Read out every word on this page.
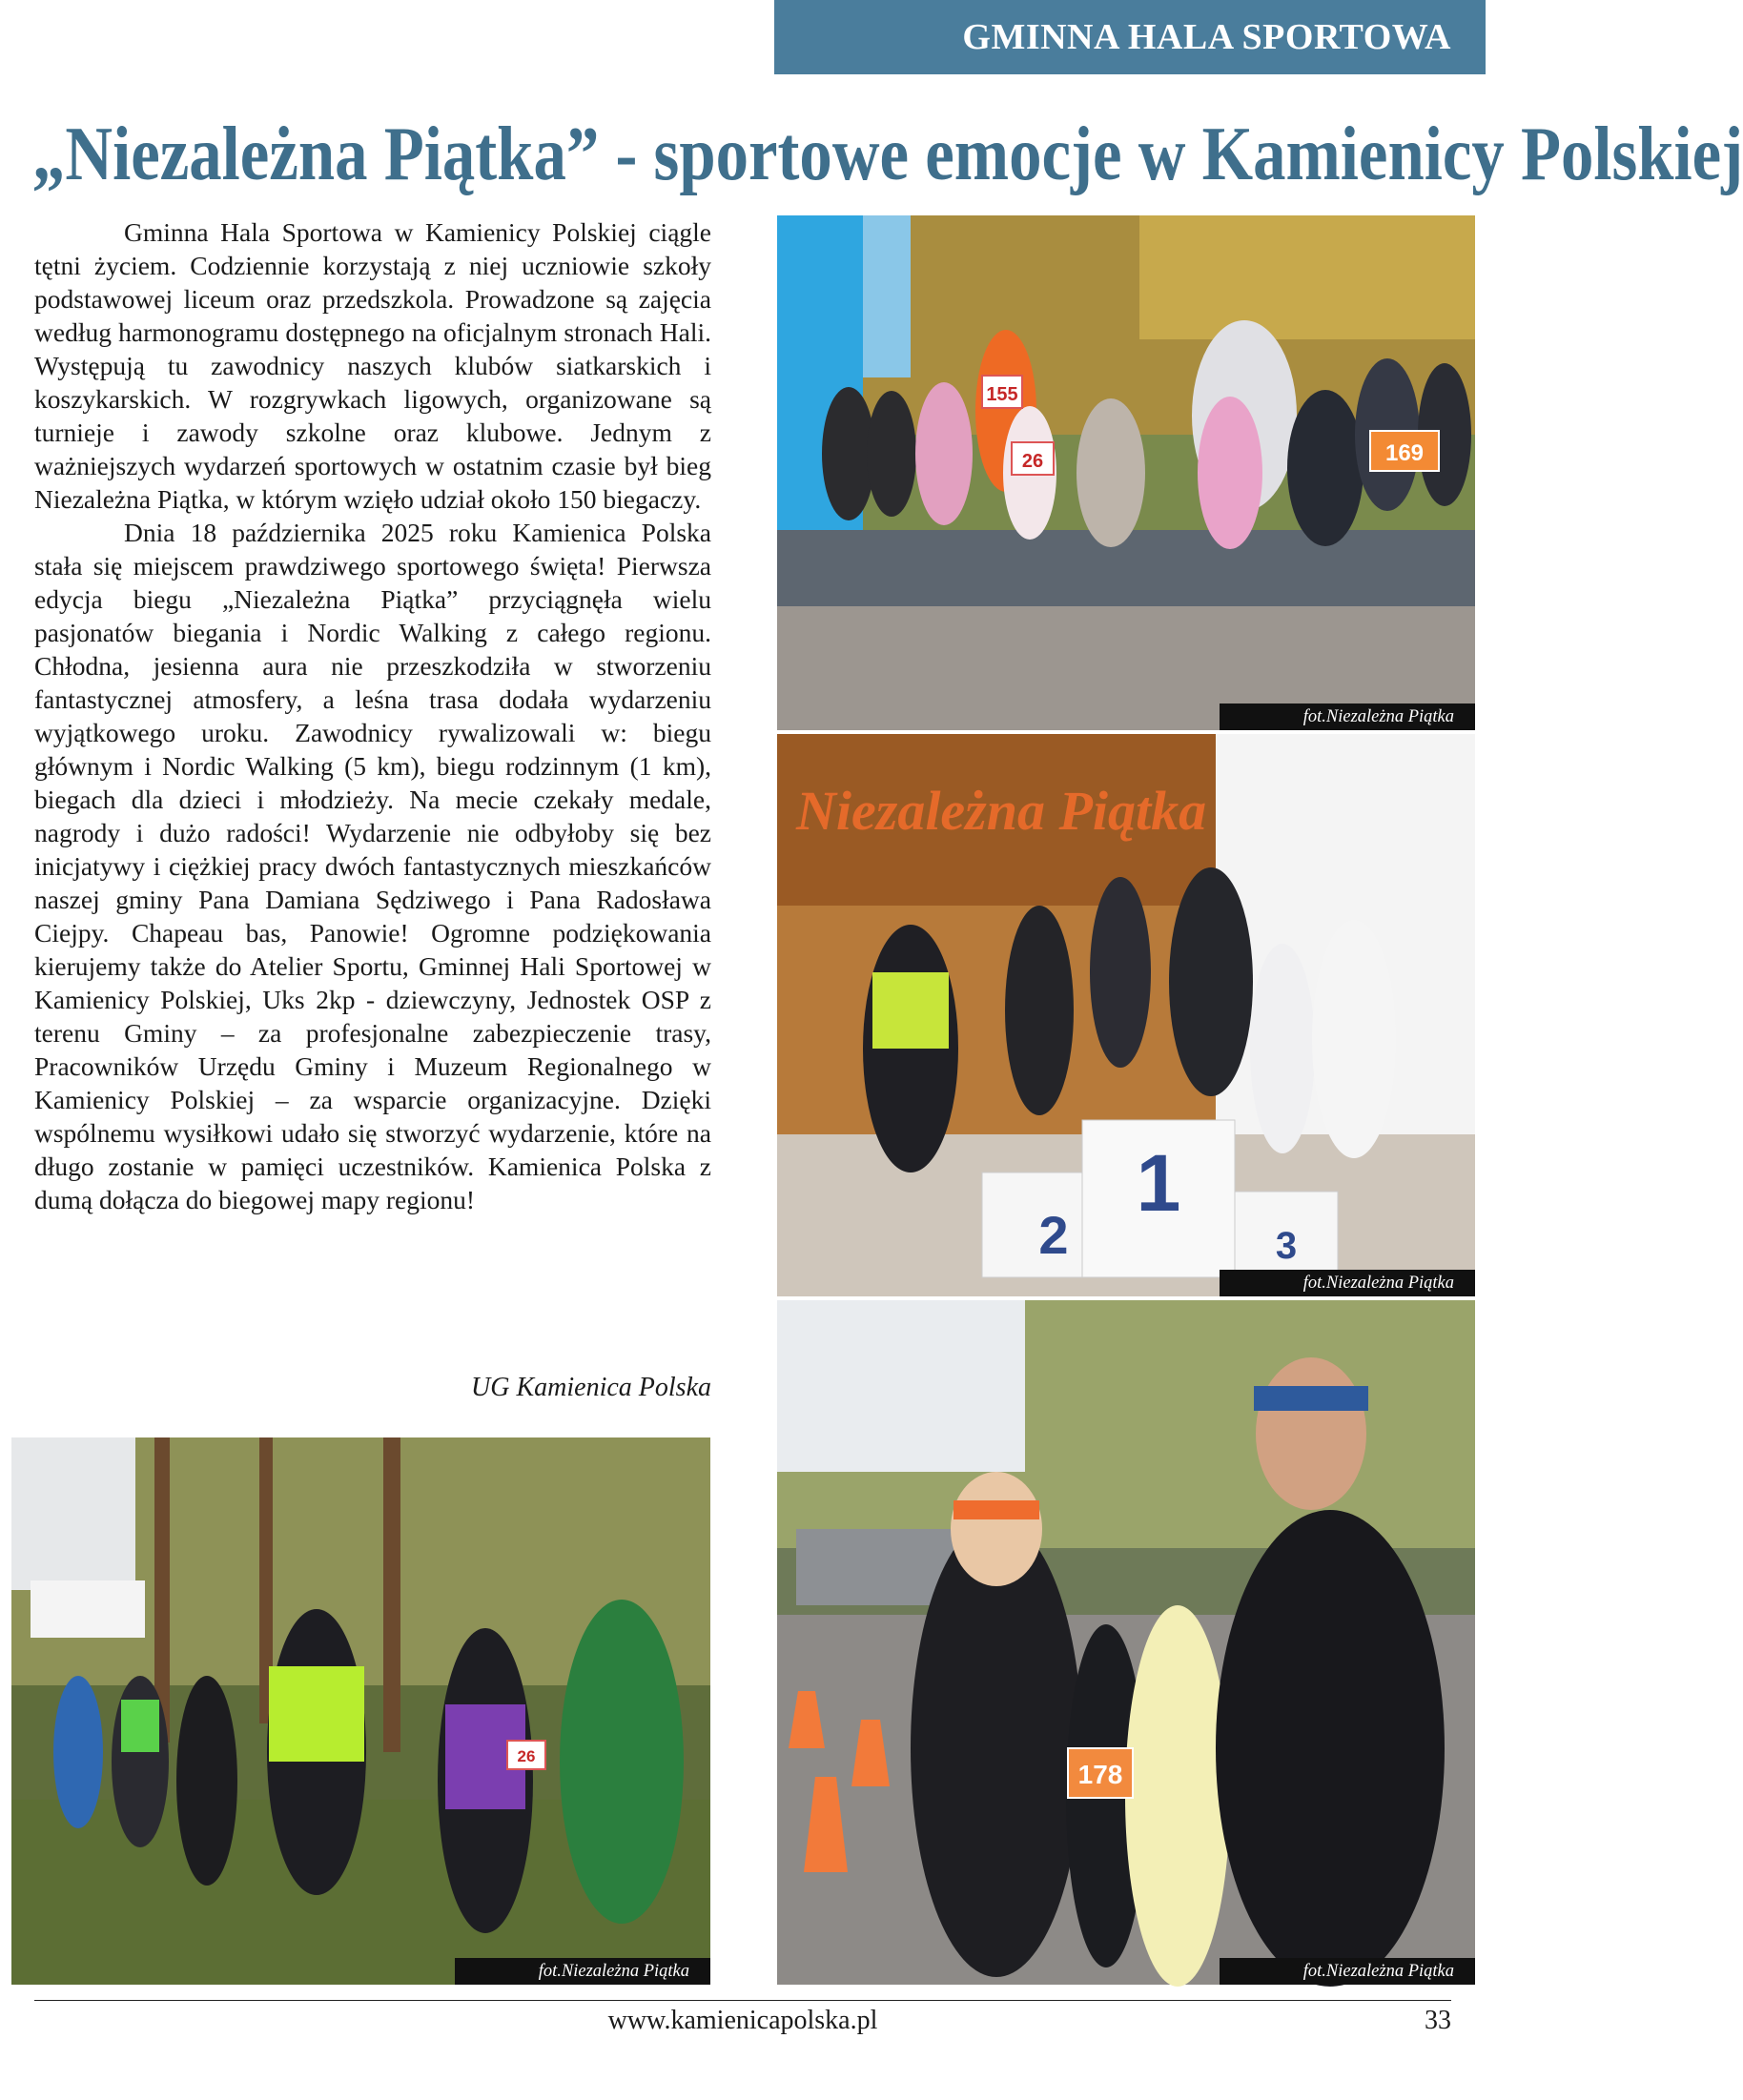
GMINNA HALA SPORTOWA
„Niezależna Piątka” - sportowe emocje w Kamienicy Polskiej

Gminna Hala Sportowa w Kamienicy Polskiej ciągle tętni życiem. Codziennie korzystają z niej uczniowie szkoły podstawowej liceum oraz przedszkola. Prowadzone są zajęcia według harmonogramu dostępnego na oficjalnym stronach Hali. Występują tu zawodnicy naszych klubów siatkarskich i koszykarskich. W rozgrywkach ligowych, organizowane są turnieje i zawody szkolne oraz klubowe. Jednym z ważniejszych wydarzeń sportowych w ostatnim czasie był bieg Niezależna Piątka, w którym wzięło udział około 150 biegaczy.

Dnia 18 października 2025 roku Kamienica Polska stała się miejscem prawdziwego sportowego święta! Pierwsza edycja biegu „Niezależna Piątka” przyciągnęła wielu pasjonatów biegania i Nordic Walking z całego regionu. Chłodna, jesienna aura nie przeszkodziła w stworzeniu fantastycznej atmosfery, a leśna trasa dodała wydarzeniu wyjątkowego uroku. Zawodnicy rywalizowali w: biegu głównym i Nordic Walking (5 km), biegu rodzinnym (1 km), biegach dla dzieci i młodzieży. Na mecie czekały medale, nagrody i dużo radości! Wydarzenie nie odbyłoby się bez inicjatywy i ciężkiej pracy dwóch fantastycznych mieszkańców naszej gminy Pana Damiana Sędziwego i Pana Radosława Ciejpy. Chapeau bas, Panowie! Ogromne podziękowania kierujemy także do Atelier Sportu, Gminnej Hali Sportowej w Kamienicy Polskiej, Uks 2kp - dziewczyny, Jednostek OSP z terenu Gminy – za profesjonalne zabezpieczenie trasy, Pracowników Urzędu Gminy i Muzeum Regionalnego w Kamienicy Polskiej – za wsparcie organizacyjne. Dzięki wspólnemu wysiłkowi udało się stworzyć wydarzenie, które na długo zostanie w pamięci uczestników. Kamienica Polska z dumą dołącza do biegowej mapy regionu!

UG Kamienica Polska
155
26	169
fot.Niezależna Piątka
Niezależna Piątka
2
1
3
fot.Niezależna Piątka
178
fot.Niezależna Piątka
26
fot.Niezależna Piątka
www.kamienicapolska.pl	33
